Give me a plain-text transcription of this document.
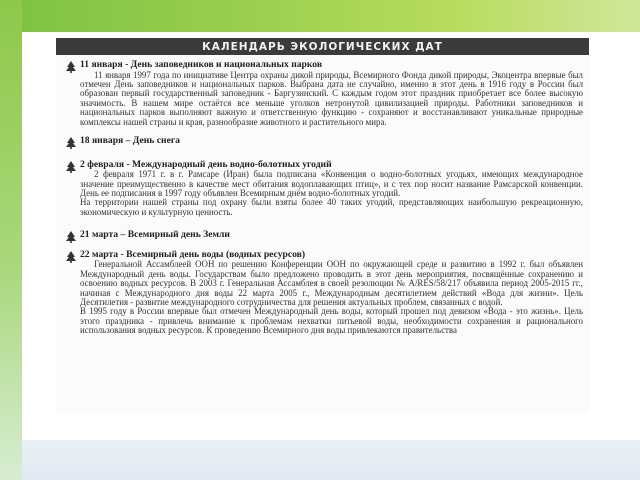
КАЛЕНДАРЬ ЭКОЛОГИЧЕСКИХ ДАТ
11 января - День заповедников и национальных парков
11 января 1997 года по инициативе Центра охраны дикой природы, Всемирного Фонда дикой природы, Экоцентра впервые был отмечен День заповедников и национальных парков. Выбрана дата не случайно, именно в этот день в 1916 году в России был образован первый государственный заповедник - Баргузинский. С каждым годом этот праздник приобретает все более высокую значимость. В нашем мире остаётся все меньше уголков нетронутой цивилизацией природы. Работники заповедников и национальных парков выполняют важную и ответственную функцию - сохраняют и восстанавливают уникальные природные комплексы нашей страны и края, разнообразие животного и растительного мира.
18 января – День снега
2 февраля - Международный день водно-болотных угодий
2 февраля 1971 г. в г. Рамсаре (Иран) была подписана «Конвенция о водно-болотных угодьях, имеющих международное значение преимущественно в качестве мест обитания водоплавающих птиц», и с тех пор носит название Рамсарской конвенции. День ее подписания в 1997 году объявлен Всемирным днём водно-болотных угодий.
На территории нашей страны под охрану были взяты более 40 таких угодий, представляющих наибольшую рекреационную, экономическую и культурную ценность.
21 марта – Всемирный день Земли
22 марта - Всемирный день воды (водных ресурсов)
Генеральной Ассамблеей ООН по решению Конференции ООН по окружающей среде и развитию в 1992 г. был объявлен Международный день воды. Государствам было предложено проводить в этот день мероприятия, посвящённые сохранению и освоению водных ресурсов. В 2003 г. Генеральная Ассамблея в своей резолюции № A/RES/58/217 объявила период 2005-2015 гг., начиная с Международного дня воды 22 марта 2005 г., Международным десятилетием действий «Вода для жизни». Цель Десятилетия - развитие международного сотрудничества для решения актуальных проблем, связанных с водой.
В 1995 году в России впервые был отмечен Международный день воды, который прошел под девизом «Вода - это жизнь». Цель этого праздника - привлечь внимание к проблемам нехватки питьевой воды, необходимости сохранения и рационального использования водных ресурсов. К проведению Всемирного дня воды привлекаются правительства
